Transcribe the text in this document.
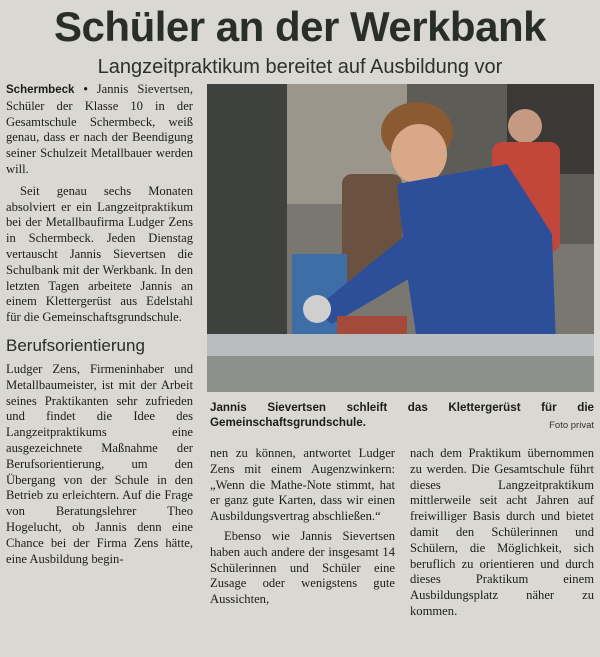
Schüler an der Werkbank
Langzeitpraktikum bereitet auf Ausbildung vor

Schermbeck • Jannis Sievertsen, Schüler der Klasse 10 in der Gesamtschule Schermbeck, weiß genau, dass er nach der Beendigung seiner Schulzeit Metallbauer werden will.

Seit genau sechs Monaten absolviert er ein Langzeitpraktikum bei der Metallbaufirma Ludger Zens in Schermbeck. Jeden Dienstag vertauscht Jannis Sievertsen die Schulbank mit der Werkbank. In den letzten Tagen arbeitete Jannis an einem Klettergerüst aus Edelstahl für die Gemeinschaftsgrundschule.

Berufsorientierung

Ludger Zens, Firmeninhaber und Metallbaumeister, ist mit der Arbeit seines Praktikanten sehr zufrieden und findet die Idee des Langzeitpraktikums eine ausgezeichnete Maßnahme der Berufsorientierung, um den Übergang von der Schule in den Betrieb zu erleichtern. Auf die Frage von Beratungslehrer Theo Hogelucht, ob Jannis denn eine Chance bei der Firma Zens hätte, eine Ausbildung begin-

Jannis Sievertsen schleift das Klettergerüst für die Gemeinschaftsgrundschule.	Foto privat

nen zu können, antwortet Ludger Zens mit einem Augenzwinkern: „Wenn die Mathe-Note stimmt, hat er ganz gute Karten, dass wir einen Ausbildungsvertrag abschließen.“

Ebenso wie Jannis Sievertsen haben auch andere der insgesamt 14 Schülerinnen und Schüler eine Zusage oder wenigstens gute Aussichten,

nach dem Praktikum übernommen zu werden. Die Gesamtschule führt dieses Langzeitpraktikum mittlerweile seit acht Jahren auf freiwilliger Basis durch und bietet damit den Schülerinnen und Schülern, die Möglichkeit, sich beruflich zu orientieren und durch dieses Praktikum einem Ausbildungsplatz näher zu kommen.
